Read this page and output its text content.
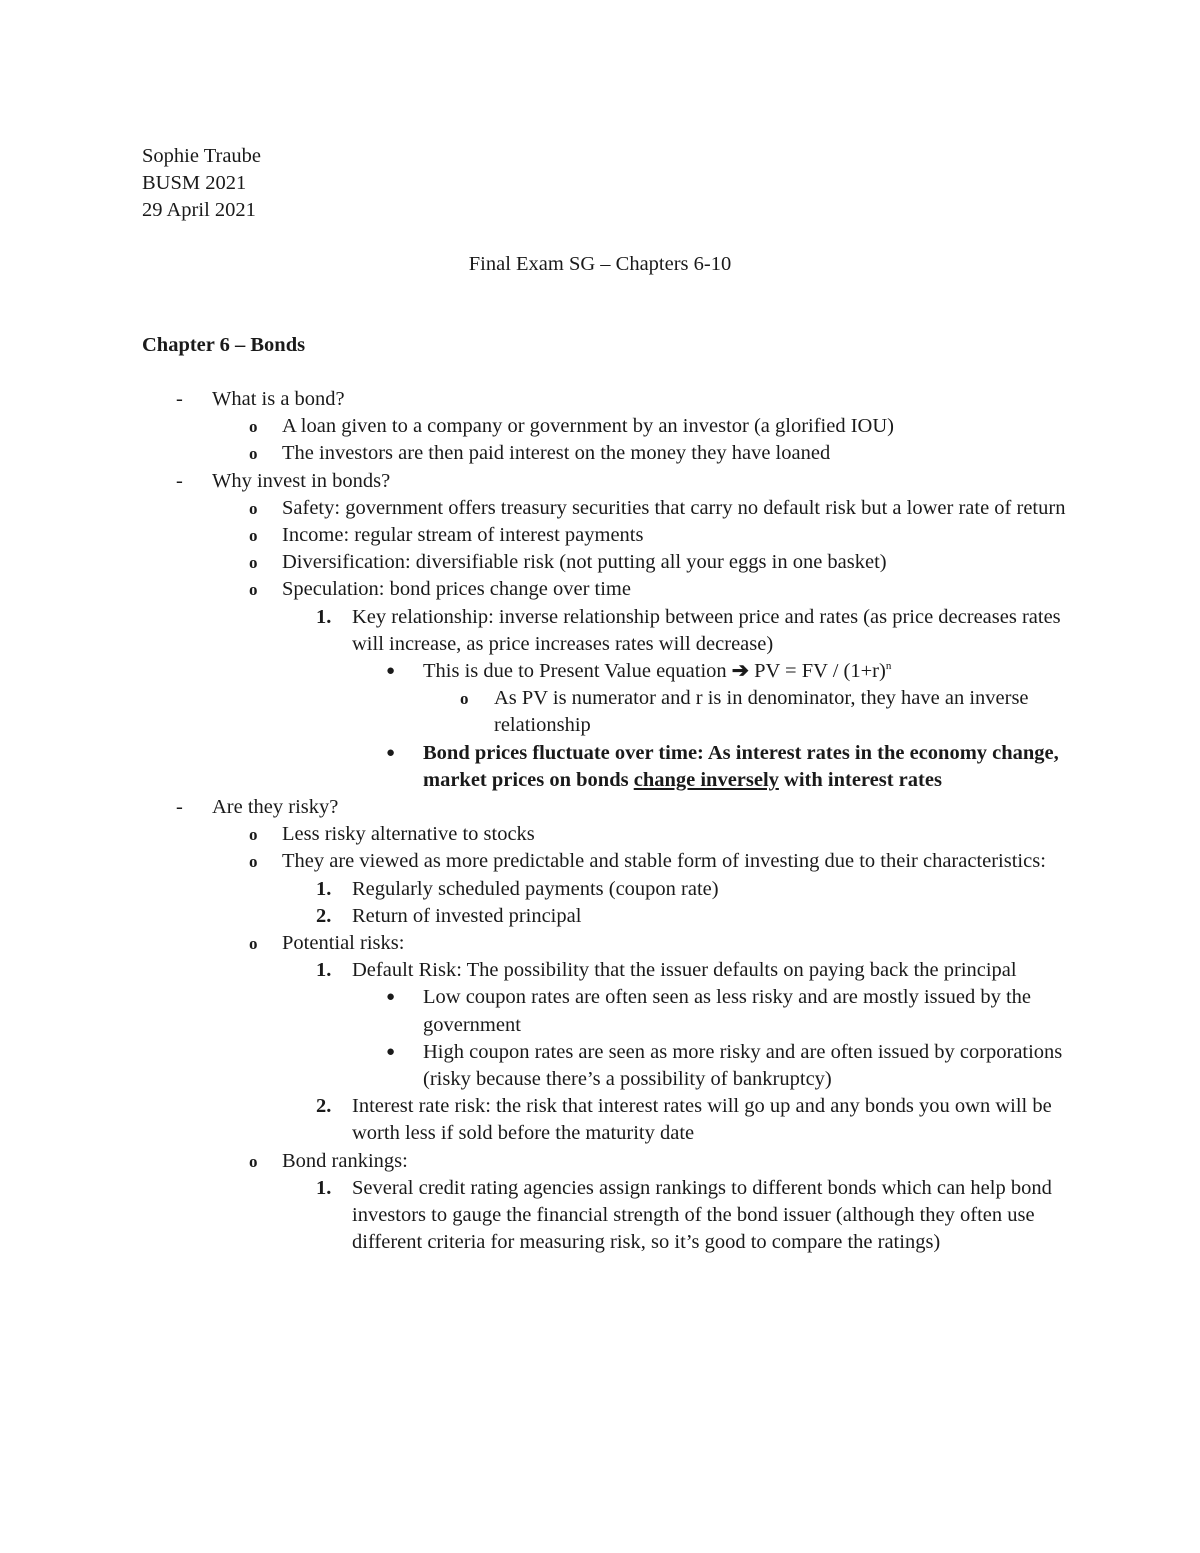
Sophie Traube
BUSM 2021
29 April 2021
Final Exam SG – Chapters 6-10
Chapter 6 – Bonds
- What is a bond?
o A loan given to a company or government by an investor (a glorified IOU)
o The investors are then paid interest on the money they have loaned
- Why invest in bonds?
o Safety: government offers treasury securities that carry no default risk but a lower rate of return
o Income: regular stream of interest payments
o Diversification: diversifiable risk (not putting all your eggs in one basket)
o Speculation: bond prices change over time
1. Key relationship: inverse relationship between price and rates (as price decreases rates will increase, as price increases rates will decrease)
● This is due to Present Value equation ➔ PV = FV / $(1+r)^n$
o As PV is numerator and r is in denominator, they have an inverse relationship
● Bond prices fluctuate over time: As interest rates in the economy change, market prices on bonds change inversely with interest rates
- Are they risky?
o Less risky alternative to stocks
o They are viewed as more predictable and stable form of investing due to their characteristics:
1. Regularly scheduled payments (coupon rate)
2. Return of invested principal
o Potential risks:
1. Default Risk: The possibility that the issuer defaults on paying back the principal
● Low coupon rates are often seen as less risky and are mostly issued by the government
● High coupon rates are seen as more risky and are often issued by corporations (risky because there’s a possibility of bankruptcy)
2. Interest rate risk: the risk that interest rates will go up and any bonds you own will be worth less if sold before the maturity date
o Bond rankings:
1. Several credit rating agencies assign rankings to different bonds which can help bond investors to gauge the financial strength of the bond issuer (although they often use different criteria for measuring risk, so it’s good to compare the ratings)
